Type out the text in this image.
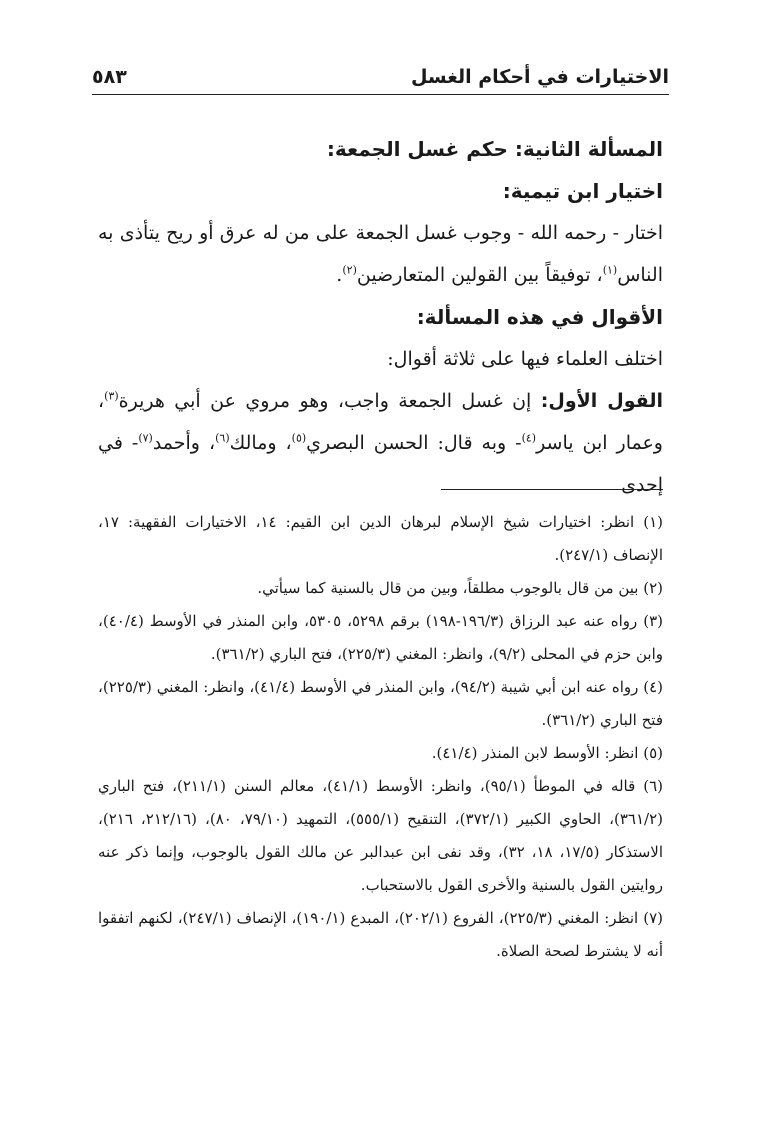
الاختيارات في أحكام الغسل
٥٨٣

المسألة الثانية: حكم غسل الجمعة:

اختيار ابن تيمية:

اختار - رحمه الله - وجوب غسل الجمعة على من له عرق أو ريح يتأذى به الناس$^{(١)}$، توفيقاً بين القولين المتعارضين$^{(٢)}$.

الأقوال في هذه المسألة:

اختلف العلماء فيها على ثلاثة أقوال:

القول الأول: إن غسل الجمعة واجب، وهو مروي عن أبي هريرة$^{(٣)}$، وعمار ابن ياسر$^{(٤)}$- وبه قال: الحسن البصري$^{(٥)}$، ومالك$^{(٦)}$، وأحمد$^{(٧)}$- في إحدى

(١) انظر: اختيارات شيخ الإسلام لبرهان الدين ابن القيم: ١٤، الاختيارات الفقهية: ١٧، الإنصاف (٢٤٧/١).

(٢) بين من قال بالوجوب مطلقاً، وبين من قال بالسنية كما سيأتي.

(٣) رواه عنه عبد الرزاق (١٩٦/٣-١٩٨) برقم ٥٢٩٨، ٥٣٠٥، وابن المنذر في الأوسط (٤٠/٤)، وابن حزم في المحلى (٩/٢)، وانظر: المغني (٢٢٥/٣)، فتح الباري (٣٦١/٢).

(٤) رواه عنه ابن أبي شيبة (٩٤/٢)، وابن المنذر في الأوسط (٤١/٤)، وانظر: المغني (٢٢٥/٣)، فتح الباري (٣٦١/٢).

(٥) انظر: الأوسط لابن المنذر (٤١/٤).

(٦) قاله في الموطأ (٩٥/١)، وانظر: الأوسط (٤١/١)، معالم السنن (٢١١/١)، فتح الباري (٣٦١/٢)، الحاوي الكبير (٣٧٢/١)، التنقيح (٥٥٥/١)، التمهيد (٧٩/١٠، ٨٠)، (٢١٢/١٦، ٢١٦)، الاستذكار (١٧/٥، ١٨، ٣٢)، وقد نفى ابن عبدالبر عن مالك القول بالوجوب، وإنما ذكر عنه روايتين القول بالسنية والأخرى القول بالاستحباب.

(٧) انظر: المغني (٢٢٥/٣)، الفروع (٢٠٢/١)، المبدع (١٩٠/١)، الإنصاف (٢٤٧/١)، لكنهم اتفقوا أنه لا يشترط لصحة الصلاة.
